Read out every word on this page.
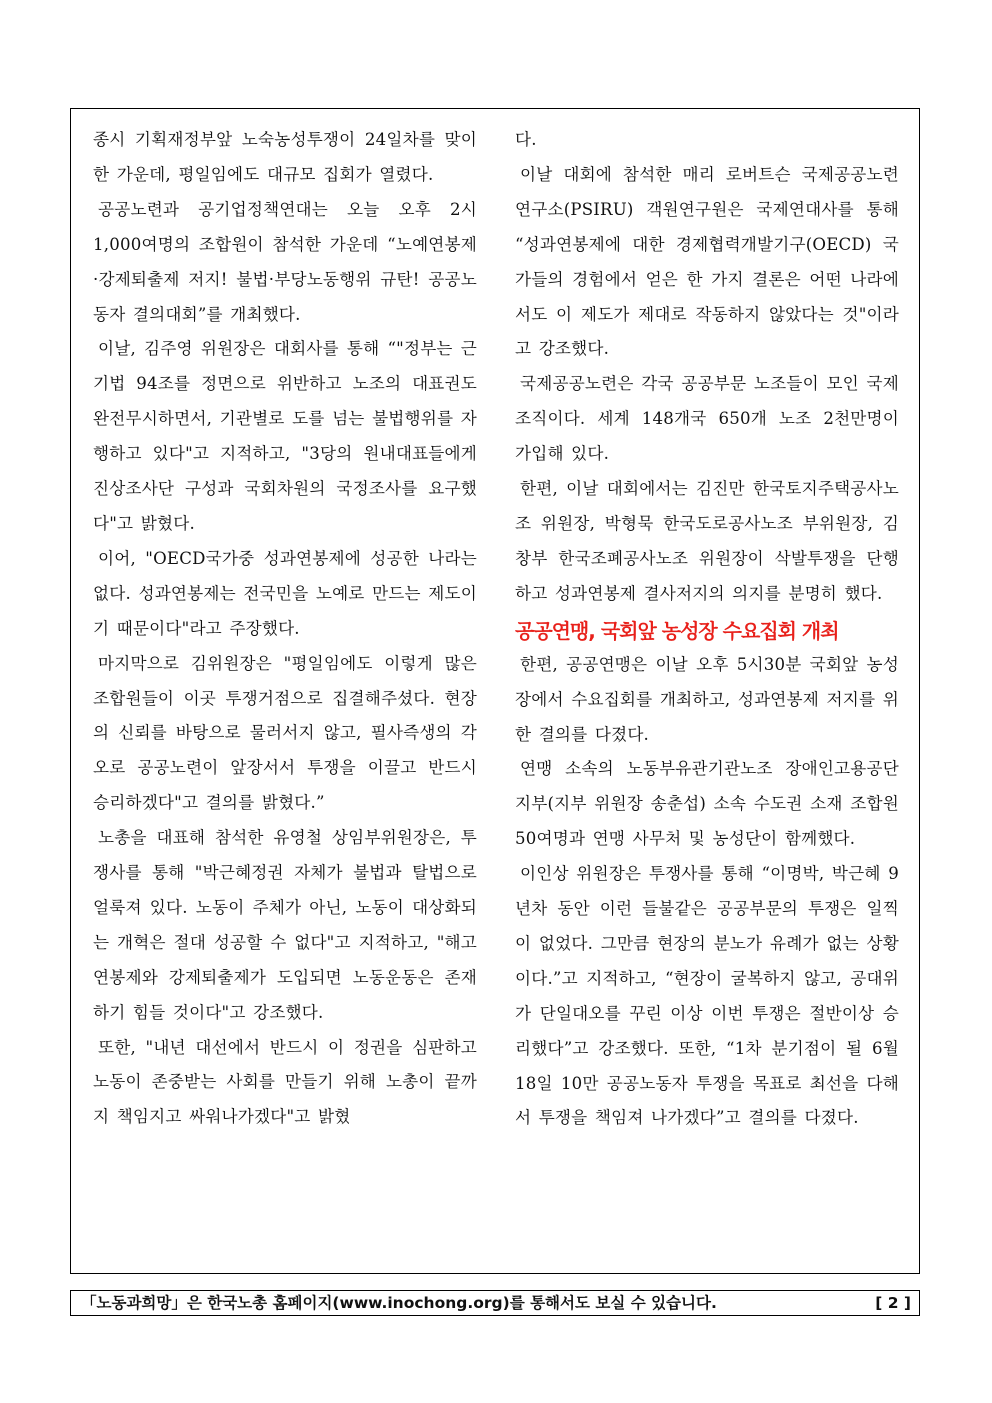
종시 기획재정부앞 노숙농성투쟁이 24일차를 맞이한 가운데, 평일임에도 대규모 집회가 열렸다.

공공노련과 공기업정책연대는 오늘 오후 2시 1,000여명의 조합원이 참석한 가운데 “노예연봉제·강제퇴출제 저지! 불법·부당노동행위 규탄! 공공노동자 결의대회”를 개최했다.

이날, 김주영 위원장은 대회사를 통해 “"정부는 근기법 94조를 정면으로 위반하고 노조의 대표권도 완전무시하면서, 기관별로 도를 넘는 불법행위를 자행하고 있다"고 지적하고, "3당의 원내대표들에게 진상조사단 구성과 국회차원의 국정조사를 요구했다"고 밝혔다.

이어, "OECD국가중 성과연봉제에 성공한 나라는 없다. 성과연봉제는 전국민을 노예로 만드는 제도이기 때문이다"라고 주장했다.

마지막으로 김위원장은 "평일임에도 이렇게 많은 조합원들이 이곳 투쟁거점으로 집결해주셨다. 현장의 신뢰를 바탕으로 물러서지 않고, 필사즉생의 각오로 공공노련이 앞장서서 투쟁을 이끌고 반드시 승리하겠다"고 결의를 밝혔다.”

노총을 대표해 참석한 유영철 상임부위원장은, 투쟁사를 통해 "박근혜정권 자체가 불법과 탈법으로 얼룩져 있다. 노동이 주체가 아닌, 노동이 대상화되는 개혁은 절대 성공할 수 없다"고 지적하고, "해고연봉제와 강제퇴출제가 도입되면 노동운동은 존재하기 힘들 것이다"고 강조했다.

또한, "내년 대선에서 반드시 이 정권을 심판하고 노동이 존중받는 사회를 만들기 위해 노총이 끝까지 책임지고 싸워나가겠다"고 밝혔

다.

이날 대회에 참석한 매리 로버트슨 국제공공노련 연구소(PSIRU) 객원연구원은 국제연대사를 통해 “성과연봉제에 대한 경제협력개발기구(OECD) 국가들의 경험에서 얻은 한 가지 결론은 어떤 나라에서도 이 제도가 제대로 작동하지 않았다는 것"이라고 강조했다.

국제공공노련은 각국 공공부문 노조들이 모인 국제조직이다. 세계 148개국 650개 노조 2천만명이 가입해 있다.

한편, 이날 대회에서는 김진만 한국토지주택공사노조 위원장, 박형묵 한국도로공사노조 부위원장, 김창부 한국조폐공사노조 위원장이 삭발투쟁을 단행하고 성과연봉제 결사저지의 의지를 분명히 했다.

공공연맹, 국회앞 농성장 수요집회 개최

한편, 공공연맹은 이날 오후 5시30분 국회앞 농성장에서 수요집회를 개최하고, 성과연봉제 저지를 위한 결의를 다졌다.

연맹 소속의 노동부유관기관노조 장애인고용공단지부(지부 위원장 송춘섭) 소속 수도권 소재 조합원 50여명과 연맹 사무처 및 농성단이 함께했다.

이인상 위원장은 투쟁사를 통해 “이명박, 박근혜 9년차 동안 이런 들불같은 공공부문의 투쟁은 일찍이 없었다. 그만큼 현장의 분노가 유례가 없는 상황이다.”고 지적하고, “현장이 굴복하지 않고, 공대위가 단일대오를 꾸린 이상 이번 투쟁은 절반이상 승리했다”고 강조했다. 또한, “1차 분기점이 될 6월18일 10만 공공노동자 투쟁을 목표로 최선을 다해서 투쟁을 책임져 나가겠다”고 결의를 다졌다.

「노동과희망」은 한국노총 홈페이지(www.inochong.org)를 통해서도 보실 수 있습니다.	[ 2 ]
